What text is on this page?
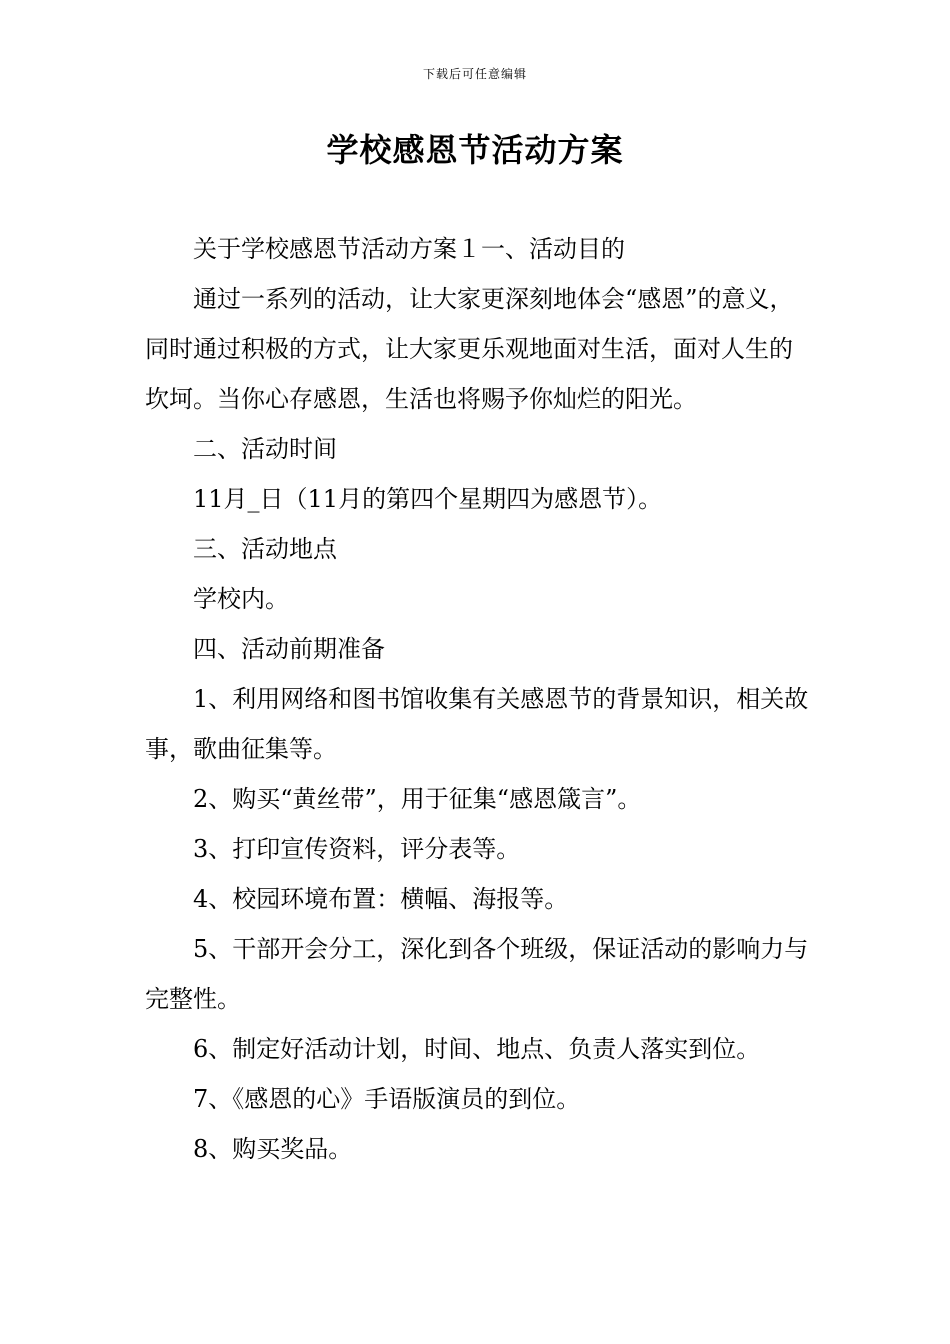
下载后可任意编辑
学校感恩节活动方案

关于学校感恩节活动方案１一、活动目的

通过一系列的活动，让大家更深刻地体会“感恩”的意义，同时通过积极的方式，让大家更乐观地面对生活，面对人生的坎坷。当你心存感恩，生活也将赐予你灿烂的阳光。

二、活动时间

11月_日（11月的第四个星期四为感恩节）。

三、活动地点

学校内。

四、活动前期准备

1、利用网络和图书馆收集有关感恩节的背景知识，相关故事，歌曲征集等。

2、购买“黄丝带”，用于征集“感恩箴言”。

3、打印宣传资料，评分表等。

4、校园环境布置：横幅、海报等。

5、干部开会分工，深化到各个班级，保证活动的影响力与完整性。

6、制定好活动计划，时间、地点、负责人落实到位。

7、《感恩的心》手语版演员的到位。

8、购买奖品。
